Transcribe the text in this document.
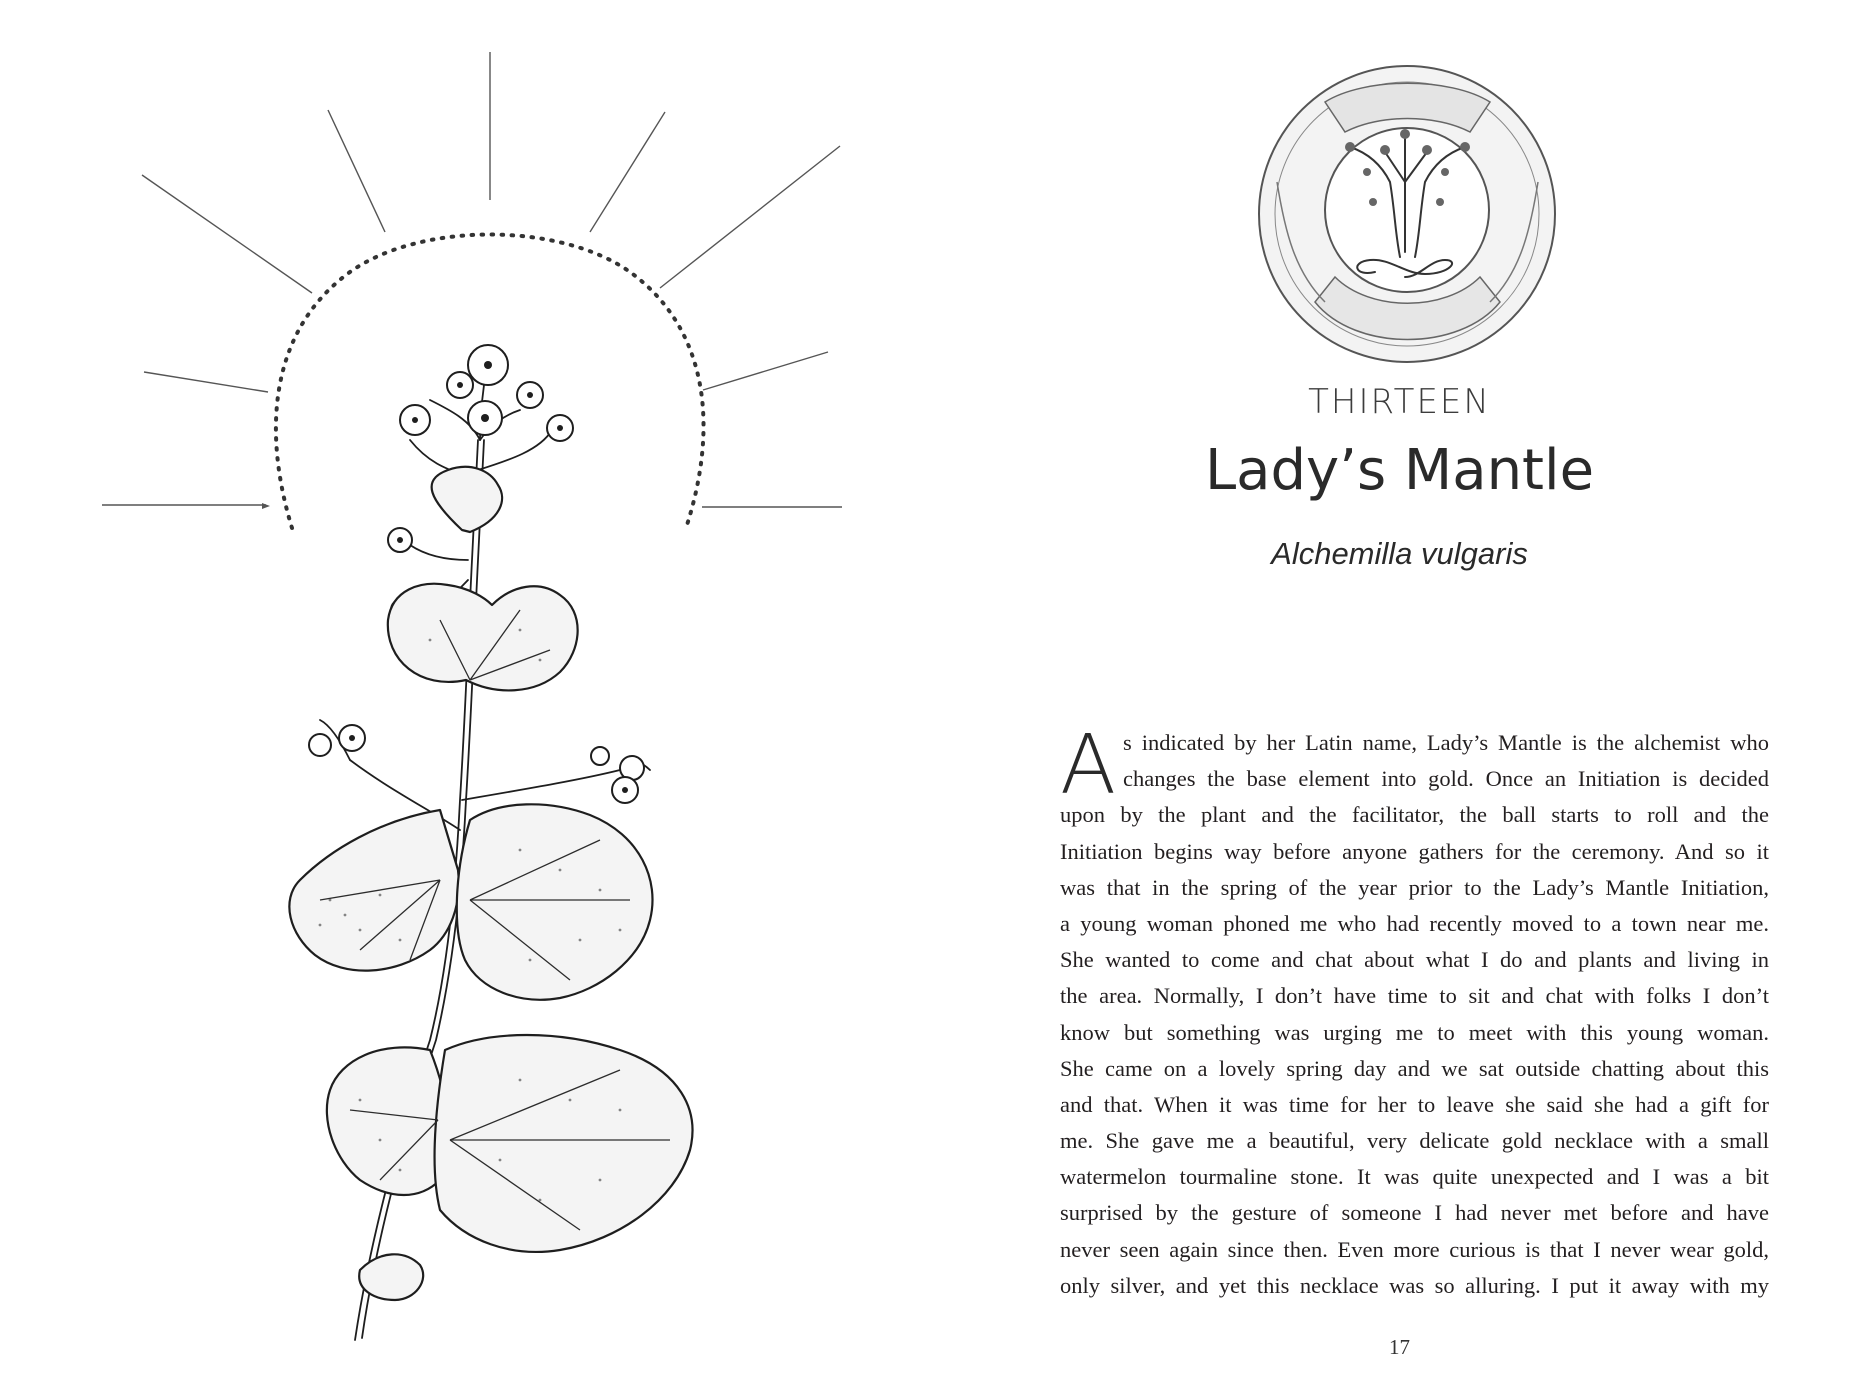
THIRTEEN
Lady’s Mantle
Alchemilla vulgaris
A s indicated by her Latin name, Lady’s Mantle is the alchemist who
changes the base element into gold. Once an Initiation is decided
upon by the plant and the facilitator, the ball starts to roll and the
Initiation begins way before anyone gathers for the ceremony. And so it
was that in the spring of the year prior to the Lady’s Mantle Initiation,
a young woman phoned me who had recently moved to a town near me.
She wanted to come and chat about what I do and plants and living in
the area. Normally, I don’t have time to sit and chat with folks I don’t
know but something was urging me to meet with this young woman.
She came on a lovely spring day and we sat outside chatting about this
and that. When it was time for her to leave she said she had a gift for
me. She gave me a beautiful, very delicate gold necklace with a small
watermelon tourmaline stone. It was quite unexpected and I was a bit
surprised by the gesture of someone I had never met before and have
never seen again since then. Even more curious is that I never wear gold,
only silver, and yet this necklace was so alluring. I put it away with my
17
